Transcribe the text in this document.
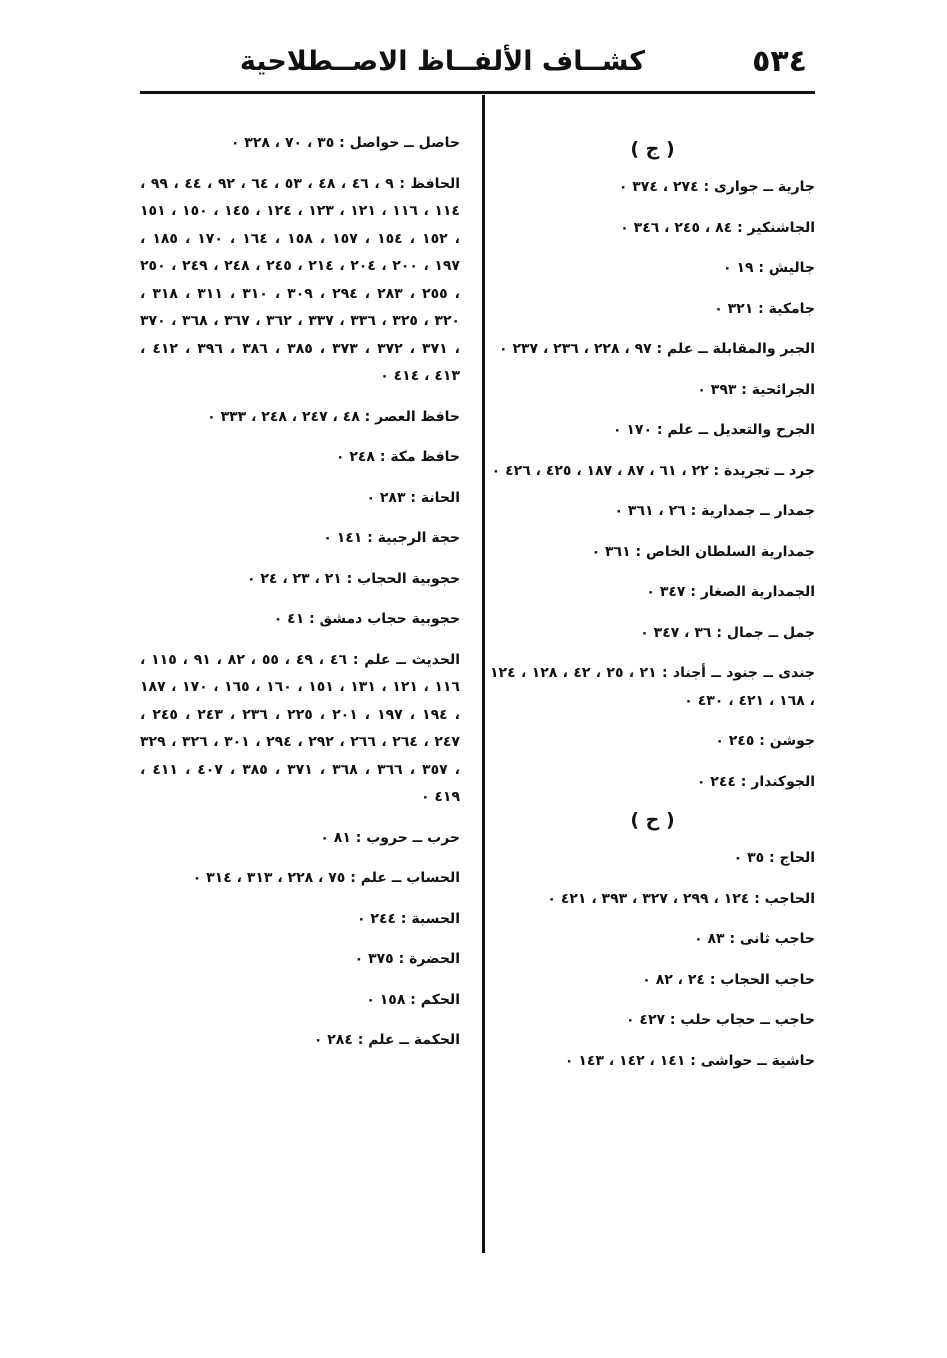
٥٣٤
كشــاف الألفــاظ الاصــطلاحية
( ج )
جارية ــ جوارى : ٢٧٤ ، ٣٧٤ ٠
الجاشنكير : ٨٤ ، ٢٤٥ ، ٣٤٦ ٠
جاليش : ١٩ ٠
جامكية : ٣٢١ ٠
الجبر والمقابلة ــ علم : ٩٧ ، ٢٢٨ ، ٢٣٦ ، ٢٣٧ ٠
الجرائحية : ٣٩٣ ٠
الجرح والتعديل ــ علم : ١٧٠ ٠
جرد ــ تجريدة : ٢٢ ، ٦١ ، ٨٧ ، ١٨٧ ، ٤٢٥ ، ٤٢٦ ٠
جمدار ــ جمدارية : ٢٦ ، ٣٦١ ٠
جمدارية السلطان الخاص : ٣٦١ ٠
الجمدارية الصغار : ٣٤٧ ٠
جمل ــ جمال : ٣٦ ، ٣٤٧ ٠
جندى ــ جنود ــ أجناد : ٢١ ، ٢٥ ، ٤٢ ، ١٢٨ ، ١٢٤ ، ١٦٨ ، ٤٢١ ، ٤٣٠ ٠
جوشن : ٢٤٥ ٠
الجوكندار : ٢٤٤ ٠
( ح )
الحاج : ٣٥ ٠
الحاجب : ١٢٤ ، ٢٩٩ ، ٣٢٧ ، ٣٩٣ ، ٤٢١ ٠
حاجب ثانى : ٨٣ ٠
حاجب الحجاب : ٢٤ ، ٨٢ ٠
حاجب ــ حجاب حلب : ٤٢٧ ٠
حاشية ــ حواشى : ١٤١ ، ١٤٢ ، ١٤٣ ٠
حاصل ــ حواصل : ٣٥ ، ٧٠ ، ٣٢٨ ٠
الحافظ : ٩ ، ٤٦ ، ٤٨ ، ٥٣ ، ٦٤ ، ٩٢ ، ٤٤ ، ٩٩ ، ١١٤ ، ١١٦ ، ١٢١ ، ١٢٣ ، ١٢٤ ، ١٤٥ ، ١٥٠ ، ١٥١ ، ١٥٢ ، ١٥٤ ، ١٥٧ ، ١٥٨ ، ١٦٤ ، ١٧٠ ، ١٨٥ ، ١٩٧ ، ٢٠٠ ، ٢٠٤ ، ٢١٤ ، ٢٤٥ ، ٢٤٨ ، ٢٤٩ ، ٢٥٠ ، ٢٥٥ ، ٢٨٣ ، ٢٩٤ ، ٣٠٩ ، ٣١٠ ، ٣١١ ، ٣١٨ ، ٣٢٠ ، ٣٢٥ ، ٣٣٦ ، ٣٣٧ ، ٣٦٢ ، ٣٦٧ ، ٣٦٨ ، ٣٧٠ ، ٣٧١ ، ٣٧٢ ، ٣٧٣ ، ٣٨٥ ، ٣٨٦ ، ٣٩٦ ، ٤١٢ ، ٤١٣ ، ٤١٤ ٠
حافظ العصر : ٤٨ ، ٢٤٧ ، ٢٤٨ ، ٣٣٣ ٠
حافظ مكة : ٢٤٨ ٠
الحانة : ٢٨٣ ٠
حجة الرجبية : ١٤١ ٠
حجوبية الحجاب : ٢١ ، ٢٣ ، ٢٤ ٠
حجوبية حجاب دمشق : ٤١ ٠
الحديث ــ علم : ٤٦ ، ٤٩ ، ٥٥ ، ٨٢ ، ٩١ ، ١١٥ ، ١١٦ ، ١٢١ ، ١٣١ ، ١٥١ ، ١٦٠ ، ١٦٥ ، ١٧٠ ، ١٨٧ ، ١٩٤ ، ١٩٧ ، ٢٠١ ، ٢٢٥ ، ٢٣٦ ، ٢٤٣ ، ٢٤٥ ، ٢٤٧ ، ٢٦٤ ، ٢٦٦ ، ٢٩٢ ، ٢٩٤ ، ٣٠١ ، ٣٢٦ ، ٣٢٩ ، ٣٥٧ ، ٣٦٦ ، ٣٦٨ ، ٣٧١ ، ٣٨٥ ، ٤٠٧ ، ٤١١ ، ٤١٩ ٠
حرب ــ حروب : ٨١ ٠
الحساب ــ علم : ٧٥ ، ٢٢٨ ، ٣١٣ ، ٣١٤ ٠
الحسبة : ٢٤٤ ٠
الحضرة : ٣٧٥ ٠
الحكم : ١٥٨ ٠
الحكمة ــ علم : ٢٨٤ ٠
